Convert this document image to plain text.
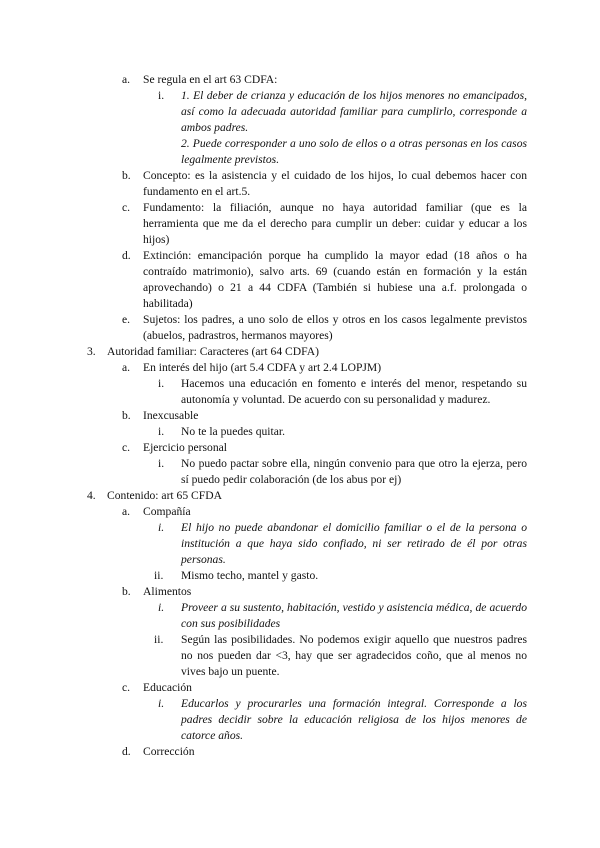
a. Se regula en el art 63 CDFA:
i. 1. El deber de crianza y educación de los hijos menores no emancipados, así como la adecuada autoridad familiar para cumplirlo, corresponde a ambos padres.
2. Puede corresponder a uno solo de ellos o a otras personas en los casos legalmente previstos.
b. Concepto: es la asistencia y el cuidado de los hijos, lo cual debemos hacer con fundamento en el art.5.
c. Fundamento: la filiación, aunque no haya autoridad familiar (que es la herramienta que me da el derecho para cumplir un deber: cuidar y educar a los hijos)
d. Extinción: emancipación porque ha cumplido la mayor edad (18 años o ha contraído matrimonio), salvo arts. 69 (cuando están en formación y la están aprovechando) o 21 a 44 CDFA (También si hubiese una a.f. prolongada o habilitada)
e. Sujetos: los padres, a uno solo de ellos y otros en los casos legalmente previstos (abuelos, padrastros, hermanos mayores)
3. Autoridad familiar: Caracteres (art 64 CDFA)
a. En interés del hijo (art 5.4 CDFA y art 2.4 LOPJM)
i. Hacemos una educación en fomento e interés del menor, respetando su autonomía y voluntad. De acuerdo con su personalidad y madurez.
b. Inexcusable
i. No te la puedes quitar.
c. Ejercicio personal
i. No puedo pactar sobre ella, ningún convenio para que otro la ejerza, pero sí puedo pedir colaboración (de los abus por ej)
4. Contenido: art 65 CFDA
a. Compañía
i. El hijo no puede abandonar el domicilio familiar o el de la persona o institución a que haya sido confiado, ni ser retirado de él por otras personas.
ii. Mismo techo, mantel y gasto.
b. Alimentos
i. Proveer a su sustento, habitación, vestido y asistencia médica, de acuerdo con sus posibilidades
ii. Según las posibilidades. No podemos exigir aquello que nuestros padres no nos pueden dar <3, hay que ser agradecidos coño, que al menos no vives bajo un puente.
c. Educación
i. Educarlos y procurarles una formación integral. Corresponde a los padres decidir sobre la educación religiosa de los hijos menores de catorce años.
d. Corrección
